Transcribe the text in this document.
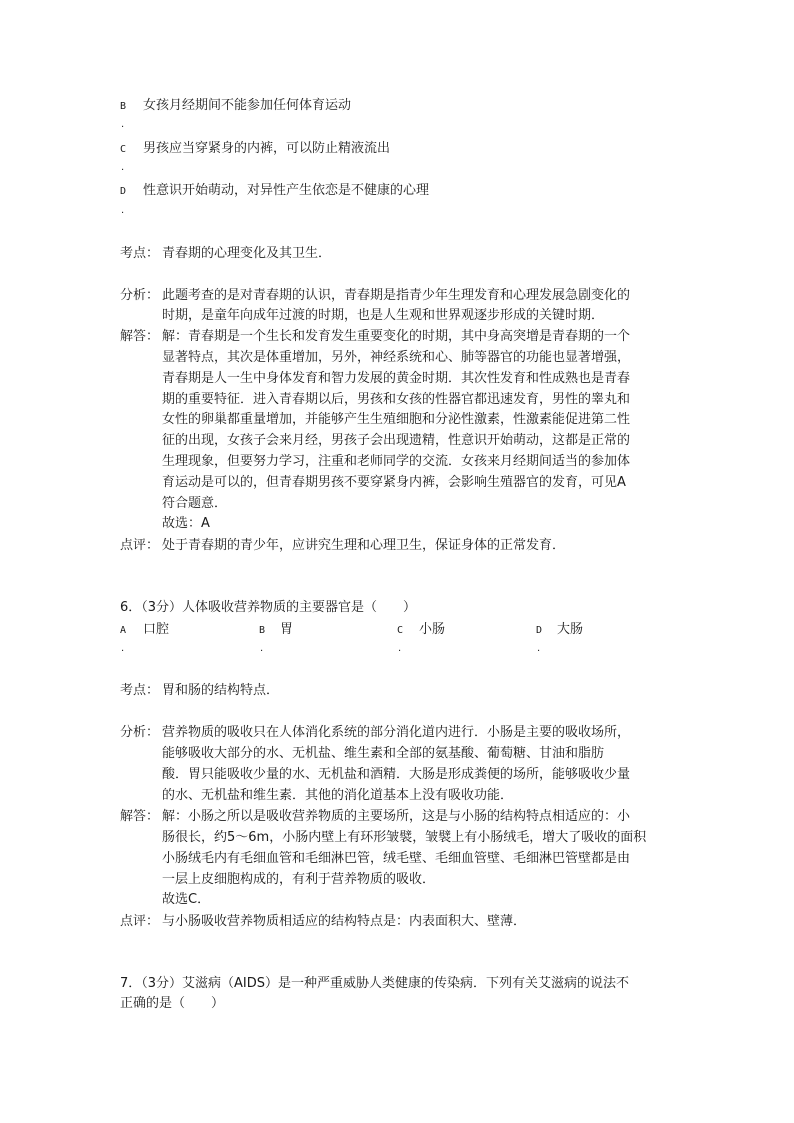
B 女孩月经期间不能参加任何体育运动
.
C 男孩应当穿紧身的内裤，可以防止精液流出
.
D 性意识开始萌动，对异性产生依恋是不健康的心理
.
考点： 青春期的心理变化及其卫生．
分析： 此题考查的是对青春期的认识，青春期是指青少年生理发育和心理发展急剧变化的
时期，是童年向成年过渡的时期，也是人生观和世界观逐步形成的关键时期．
解答： 解：青春期是一个生长和发育发生重要变化的时期，其中身高突增是青春期的一个
显著特点，其次是体重增加，另外，神经系统和心、肺等器官的功能也显著增强，
青春期是人一生中身体发育和智力发展的黄金时期．其次性发育和性成熟也是青春
期的重要特征．进入青春期以后，男孩和女孩的性器官都迅速发育，男性的睾丸和
女性的卵巢都重量增加，并能够产生生殖细胞和分泌性激素，性激素能促进第二性
征的出现，女孩子会来月经，男孩子会出现遗精，性意识开始萌动，这都是正常的
生理现象，但要努力学习，注重和老师同学的交流．女孩来月经期间适当的参加体
育运动是可以的，但青春期男孩不要穿紧身内裤，会影响生殖器官的发育，可见A
符合题意．
故选：A
点评： 处于青春期的青少年，应讲究生理和心理卫生，保证身体的正常发育．
6．（3分）人体吸收营养物质的主要器官是（　　）
A 口腔
.
B 胃
.
C 小肠
.
D 大肠
.
考点： 胃和肠的结构特点．
分析： 营养物质的吸收只在人体消化系统的部分消化道内进行．小肠是主要的吸收场所，
能够吸收大部分的水、无机盐、维生素和全部的氨基酸、葡萄糖、甘油和脂肪
酸．胃只能吸收少量的水、无机盐和酒精．大肠是形成粪便的场所，能够吸收少量
的水、无机盐和维生素．其他的消化道基本上没有吸收功能．
解答： 解：小肠之所以是吸收营养物质的主要场所，这是与小肠的结构特点相适应的：小
肠很长，约5～6m，小肠内壁上有环形皱襞，皱襞上有小肠绒毛，增大了吸收的面积
小肠绒毛内有毛细血管和毛细淋巴管，绒毛壁、毛细血管壁、毛细淋巴管壁都是由
一层上皮细胞构成的，有利于营养物质的吸收．
故选C．
点评： 与小肠吸收营养物质相适应的结构特点是：内表面积大、壁薄．
7．（3分）艾滋病（AIDS）是一种严重威胁人类健康的传染病．下列有关艾滋病的说法不
正确的是（　　）
